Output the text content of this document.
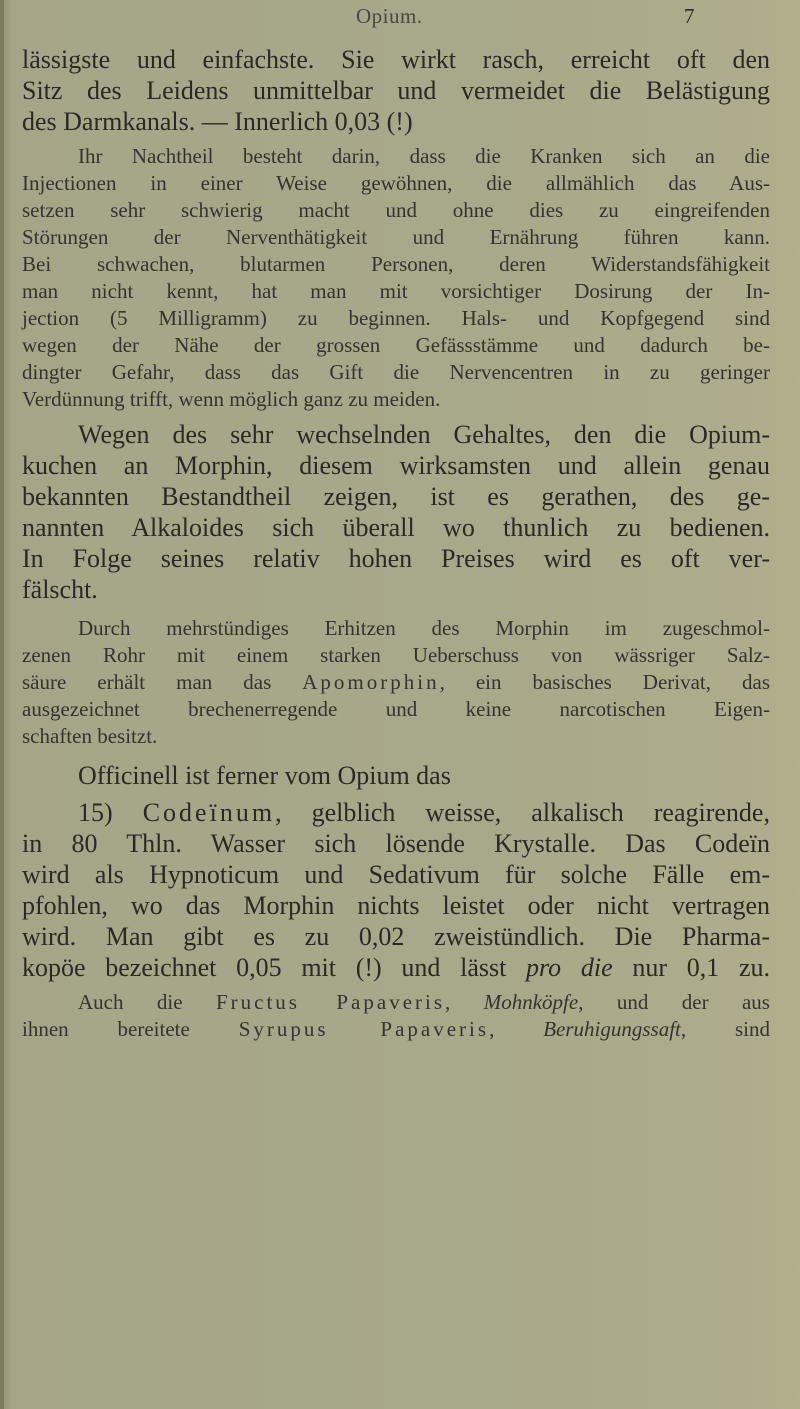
Opium.	7
lässigste und einfachste. Sie wirkt rasch, erreicht oft den
Sitz des Leidens unmittelbar und vermeidet die Belästigung
des Darmkanals. — Innerlich 0,03 (!)
Ihr Nachtheil besteht darin, dass die Kranken sich an die
Injectionen in einer Weise gewöhnen, die allmählich das Aus-
setzen sehr schwierig macht und ohne dies zu eingreifenden
Störungen der Nerventhätigkeit und Ernährung führen kann.
Bei schwachen, blutarmen Personen, deren Widerstandsfähigkeit
man nicht kennt, hat man mit vorsichtiger Dosirung der In-
jection (5 Milligramm) zu beginnen. Hals- und Kopfgegend sind
wegen der Nähe der grossen Gefässstämme und dadurch be-
dingter Gefahr, dass das Gift die Nervencentren in zu geringer
Verdünnung trifft, wenn möglich ganz zu meiden.
Wegen des sehr wechselnden Gehaltes, den die Opium-
kuchen an Morphin, diesem wirksamsten und allein genau
bekannten Bestandtheil zeigen, ist es gerathen, des ge-
nannten Alkaloides sich überall wo thunlich zu bedienen.
In Folge seines relativ hohen Preises wird es oft ver-
fälscht.
Durch mehrstündiges Erhitzen des Morphin im zugeschmol-
zenen Rohr mit einem starken Ueberschuss von wässriger Salz-
säure erhält man das Apomorphin, ein basisches Derivat, das
ausgezeichnet brechenerregende und keine narcotischen Eigen-
schaften besitzt.
Officinell ist ferner vom Opium das
15) Codeïnum, gelblich weisse, alkalisch reagirende,
in 80 Thln. Wasser sich lösende Krystalle. Das Codeïn
wird als Hypnoticum und Sedativum für solche Fälle em-
pfohlen, wo das Morphin nichts leistet oder nicht vertragen
wird. Man gibt es zu 0,02 zweistündlich. Die Pharma-
kopöe bezeichnet 0,05 mit (!) und lässt pro die nur 0,1 zu.
Auch die Fructus Papaveris, Mohnköpfe, und der aus
ihnen bereitete Syrupus Papaveris, Beruhigungssaft, sind
